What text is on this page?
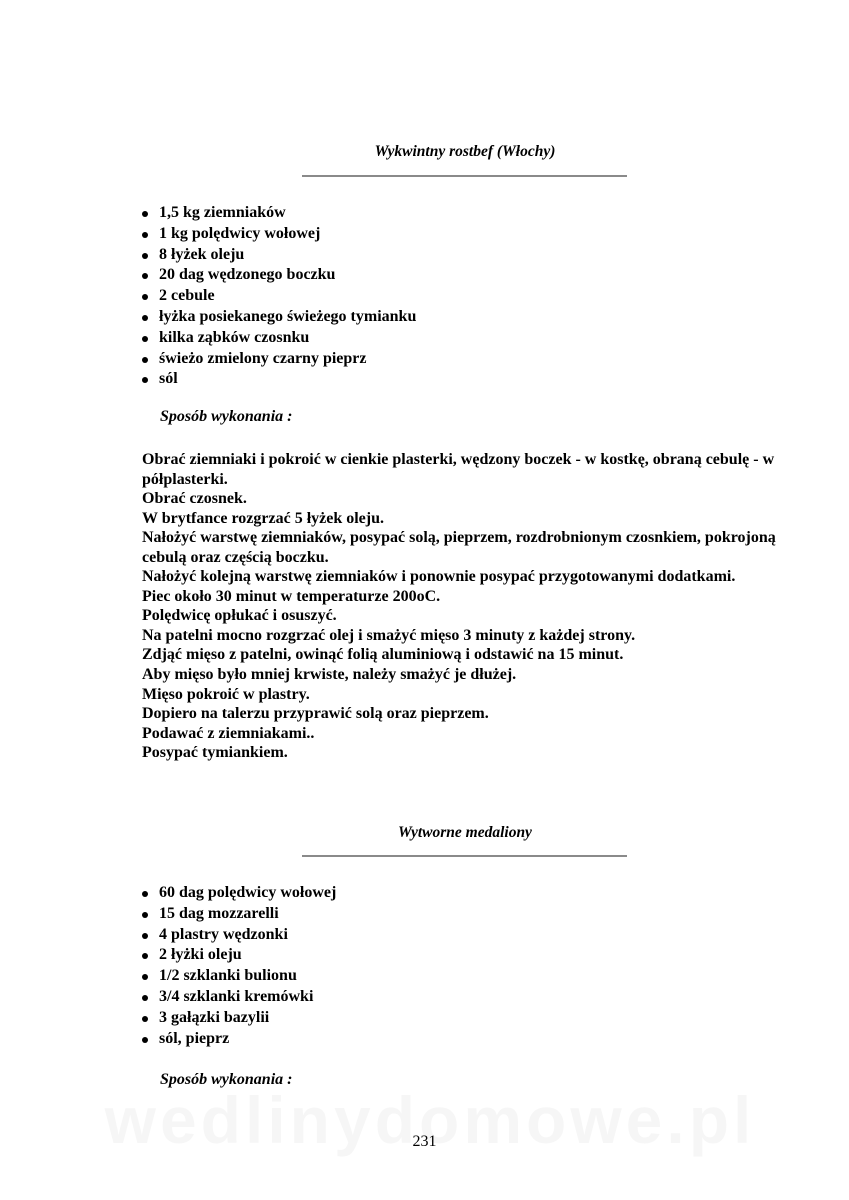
Wykwintny rostbef (Włochy)
1,5 kg ziemniaków
1 kg polędwicy wołowej
8 łyżek oleju
20 dag wędzonego boczku
2 cebule
łyżka posiekanego świeżego tymianku
kilka ząbków czosnku
świeżo zmielony czarny pieprz
sól
Sposób wykonania :

Obrać ziemniaki i pokroić w cienkie plasterki, wędzony boczek - w kostkę, obraną cebulę - w półplasterki.

Obrać czosnek.

W brytfance rozgrzać 5 łyżek oleju.

Nałożyć warstwę ziemniaków, posypać solą, pieprzem, rozdrobnionym czosnkiem, pokrojoną cebulą oraz częścią boczku.

Nałożyć kolejną warstwę ziemniaków i ponownie posypać przygotowanymi dodatkami.

Piec około 30 minut w temperaturze 200oC.

Polędwicę opłukać i osuszyć.

Na patelni mocno rozgrzać olej i smażyć mięso 3 minuty z każdej strony.

Zdjąć mięso z patelni, owinąć folią aluminiową i odstawić na 15 minut.

Aby mięso było mniej krwiste, należy smażyć je dłużej.

Mięso pokroić w plastry.

Dopiero na talerzu przyprawić solą oraz pieprzem.

Podawać z ziemniakami..

Posypać tymiankiem.

Wytworne medaliony
60 dag polędwicy wołowej
15 dag mozzarelli
4 plastry wędzonki
2 łyżki oleju
1/2 szklanki bulionu
3/4 szklanki kremówki
3 gałązki bazylii
sól, pieprz
Sposób wykonania :
231
